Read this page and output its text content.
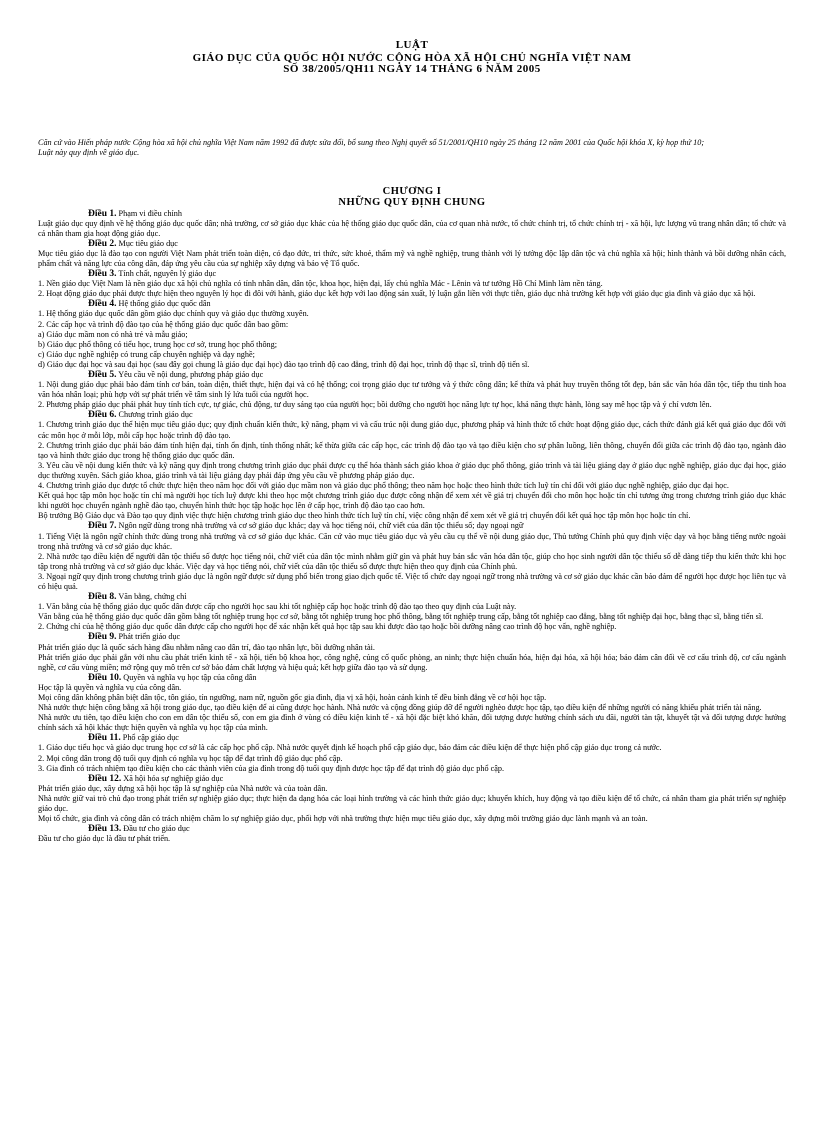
LUẬT
GIÁO DỤC CỦA QUỐC HỘI NƯỚC CỘNG HÒA XÃ HỘI CHỦ NGHĨA VIỆT NAM
SỐ 38/2005/QH11 NGÀY 14 THÁNG 6 NĂM 2005
Căn cứ vào Hiến pháp nước Cộng hòa xã hội chủ nghĩa Việt Nam năm 1992 đã được sửa đổi, bổ sung theo Nghị quyết số 51/2001/QH10 ngày 25 tháng 12 năm 2001 của Quốc hội khóa X, kỳ họp thứ 10;
Luật này quy định về giáo dục.
CHƯƠNG I
NHỮNG QUY ĐỊNH CHUNG
Điều 1. Phạm vi điều chỉnh
Luật giáo dục quy định về hệ thống giáo dục quốc dân; nhà trường, cơ sở giáo dục khác của hệ thống giáo dục quốc dân, của cơ quan nhà nước, tổ chức chính trị, tổ chức chính trị - xã hội, lực lượng vũ trang nhân dân; tổ chức và cá nhân tham gia hoạt động giáo dục.
Điều 2. Mục tiêu giáo dục
Mục tiêu giáo dục là đào tạo con người Việt Nam phát triển toàn diện, có đạo đức, tri thức, sức khoẻ, thẩm mỹ và nghề nghiệp, trung thành với lý tưởng độc lập dân tộc và chủ nghĩa xã hội; hình thành và bồi dưỡng nhân cách, phẩm chất và năng lực của công dân, đáp ứng yêu cầu của sự nghiệp xây dựng và bảo vệ Tổ quốc.
Điều 3. Tính chất, nguyên lý giáo dục
1. Nền giáo dục Việt Nam là nền giáo dục xã hội chủ nghĩa có tính nhân dân, dân tộc, khoa học, hiện đại, lấy chủ nghĩa Mác - Lênin và tư tưởng Hồ Chí Minh làm nền tảng.
2. Hoạt động giáo dục phải được thực hiện theo nguyên lý học đi đôi với hành, giáo dục kết hợp với lao động sản xuất, lý luận gắn liền với thực tiễn, giáo dục nhà trường kết hợp với giáo dục gia đình và giáo dục xã hội.
Điều 4. Hệ thống giáo dục quốc dân
1. Hệ thống giáo dục quốc dân gồm giáo dục chính quy và giáo dục thường xuyên.
2. Các cấp học và trình độ đào tạo của hệ thống giáo dục quốc dân bao gồm:
a) Giáo dục mầm non có nhà trẻ và mẫu giáo;
b) Giáo dục phổ thông có tiểu học, trung học cơ sở, trung học phổ thông;
c) Giáo dục nghề nghiệp có trung cấp chuyên nghiệp và dạy nghề;
d) Giáo dục đại học và sau đại học (sau đây gọi chung là giáo dục đại học) đào tạo trình độ cao đẳng, trình độ đại học, trình độ thạc sĩ, trình độ tiến sĩ.
Điều 5. Yêu cầu về nội dung, phương pháp giáo dục
1. Nội dung giáo dục phải bảo đảm tính cơ bản, toàn diện, thiết thực, hiện đại và có hệ thống; coi trọng giáo dục tư tưởng và ý thức công dân; kế thừa và phát huy truyền thống tốt đẹp, bản sắc văn hóa dân tộc, tiếp thu tinh hoa văn hóa nhân loại; phù hợp với sự phát triển về tâm sinh lý lứa tuổi của người học.
2. Phương pháp giáo dục phải phát huy tính tích cực, tự giác, chủ động, tư duy sáng tạo của người học; bồi dưỡng cho người học năng lực tự học, khả năng thực hành, lòng say mê học tập và ý chí vươn lên.
Điều 6. Chương trình giáo dục
1. Chương trình giáo dục thể hiện mục tiêu giáo dục; quy định chuẩn kiến thức, kỹ năng, phạm vi và cấu trúc nội dung giáo dục, phương pháp và hình thức tổ chức hoạt động giáo dục, cách thức đánh giá kết quả giáo dục đối với các môn học ở mỗi lớp, mỗi cấp học hoặc trình độ đào tạo.
2. Chương trình giáo dục phải bảo đảm tính hiện đại, tính ổn định, tính thống nhất; kế thừa giữa các cấp học, các trình độ đào tạo và tạo điều kiện cho sự phân luồng, liên thông, chuyển đổi giữa các trình độ đào tạo, ngành đào tạo và hình thức giáo dục trong hệ thống giáo dục quốc dân.
3. Yêu cầu về nội dung kiến thức và kỹ năng quy định trong chương trình giáo dục phải được cụ thể hóa thành sách giáo khoa ở giáo dục phổ thông, giáo trình và tài liệu giảng dạy ở giáo dục nghề nghiệp, giáo dục đại học, giáo dục thường xuyên. Sách giáo khoa, giáo trình và tài liệu giảng dạy phải đáp ứng yêu cầu về phương pháp giáo dục.
4. Chương trình giáo dục được tổ chức thực hiện theo năm học đối với giáo dục mầm non và giáo dục phổ thông; theo năm học hoặc theo hình thức tích luỹ tín chỉ đối với giáo dục nghề nghiệp, giáo dục đại học.
Kết quả học tập môn học hoặc tín chỉ mà người học tích luỹ được khi theo học một chương trình giáo dục được công nhận để xem xét về giá trị chuyển đổi cho môn học hoặc tín chỉ tương ứng trong chương trình giáo dục khác khi người học chuyển ngành nghề đào tạo, chuyển hình thức học tập hoặc học lên ở cấp học, trình độ đào tạo cao hơn.
Bộ trưởng Bộ Giáo dục và Đào tạo quy định việc thực hiện chương trình giáo dục theo hình thức tích luỹ tín chỉ, việc công nhận để xem xét về giá trị chuyển đổi kết quả học tập môn học hoặc tín chỉ.
Điều 7. Ngôn ngữ dùng trong nhà trường và cơ sở giáo dục khác; dạy và học tiếng nói, chữ viết của dân tộc thiểu số; dạy ngoại ngữ
1. Tiếng Việt là ngôn ngữ chính thức dùng trong nhà trường và cơ sở giáo dục khác. Căn cứ vào mục tiêu giáo dục và yêu cầu cụ thể về nội dung giáo dục, Thủ tướng Chính phủ quy định việc dạy và học bằng tiếng nước ngoài trong nhà trường và cơ sở giáo dục khác.
2. Nhà nước tạo điều kiện để người dân tộc thiểu số được học tiếng nói, chữ viết của dân tộc mình nhằm giữ gìn và phát huy bản sắc văn hóa dân tộc, giúp cho học sinh người dân tộc thiểu số dễ dàng tiếp thu kiến thức khi học tập trong nhà trường và cơ sở giáo dục khác. Việc dạy và học tiếng nói, chữ viết của dân tộc thiểu số được thực hiện theo quy định của Chính phủ.
3. Ngoại ngữ quy định trong chương trình giáo dục là ngôn ngữ được sử dụng phổ biến trong giao dịch quốc tế. Việc tổ chức dạy ngoại ngữ trong nhà trường và cơ sở giáo dục khác cần bảo đảm để người học được học liên tục và có hiệu quả.
Điều 8. Văn bằng, chứng chỉ
1. Văn bằng của hệ thống giáo dục quốc dân được cấp cho người học sau khi tốt nghiệp cấp học hoặc trình độ đào tạo theo quy định của Luật này.
Văn bằng của hệ thống giáo dục quốc dân gồm bằng tốt nghiệp trung học cơ sở, bằng tốt nghiệp trung học phổ thông, bằng tốt nghiệp trung cấp, bằng tốt nghiệp cao đẳng, bằng tốt nghiệp đại học, bằng thạc sĩ, bằng tiến sĩ.
2. Chứng chỉ của hệ thống giáo dục quốc dân được cấp cho người học để xác nhận kết quả học tập sau khi được đào tạo hoặc bồi dưỡng nâng cao trình độ học vấn, nghề nghiệp.
Điều 9. Phát triển giáo dục
Phát triển giáo dục là quốc sách hàng đầu nhằm nâng cao dân trí, đào tạo nhân lực, bồi dưỡng nhân tài.
Phát triển giáo dục phải gắn với nhu cầu phát triển kinh tế - xã hội, tiến bộ khoa học, công nghệ, củng cố quốc phòng, an ninh; thực hiện chuẩn hóa, hiện đại hóa, xã hội hóa; bảo đảm cân đối về cơ cấu trình độ, cơ cấu ngành nghề, cơ cấu vùng miền; mở rộng quy mô trên cơ sở bảo đảm chất lượng và hiệu quả; kết hợp giữa đào tạo và sử dụng.
Điều 10. Quyền và nghĩa vụ học tập của công dân
Học tập là quyền và nghĩa vụ của công dân.
Mọi công dân không phân biệt dân tộc, tôn giáo, tín ngưỡng, nam nữ, nguồn gốc gia đình, địa vị xã hội, hoàn cảnh kinh tế đều bình đẳng về cơ hội học tập.
Nhà nước thực hiện công bằng xã hội trong giáo dục, tạo điều kiện để ai cũng được học hành. Nhà nước và cộng đồng giúp đỡ để người nghèo được học tập, tạo điều kiện để những người có năng khiếu phát triển tài năng.
Nhà nước ưu tiên, tạo điều kiện cho con em dân tộc thiểu số, con em gia đình ở vùng có điều kiện kinh tế - xã hội đặc biệt khó khăn, đối tượng được hưởng chính sách ưu đãi, người tàn tật, khuyết tật và đối tượng được hưởng chính sách xã hội khác thực hiện quyền và nghĩa vụ học tập của mình.
Điều 11. Phổ cập giáo dục
1. Giáo dục tiểu học và giáo dục trung học cơ sở là các cấp học phổ cập. Nhà nước quyết định kế hoạch phổ cập giáo dục, bảo đảm các điều kiện để thực hiện phổ cập giáo dục trong cả nước.
2. Mọi công dân trong độ tuổi quy định có nghĩa vụ học tập để đạt trình độ giáo dục phổ cập.
3. Gia đình có trách nhiệm tạo điều kiện cho các thành viên của gia đình trong độ tuổi quy định được học tập để đạt trình độ giáo dục phổ cập.
Điều 12. Xã hội hóa sự nghiệp giáo dục
Phát triển giáo dục, xây dựng xã hội học tập là sự nghiệp của Nhà nước và của toàn dân.
Nhà nước giữ vai trò chủ đạo trong phát triển sự nghiệp giáo dục; thực hiện đa dạng hóa các loại hình trường và các hình thức giáo dục; khuyến khích, huy động và tạo điều kiện để tổ chức, cá nhân tham gia phát triển sự nghiệp giáo dục.
Mọi tổ chức, gia đình và công dân có trách nhiệm chăm lo sự nghiệp giáo dục, phối hợp với nhà trường thực hiện mục tiêu giáo dục, xây dựng môi trường giáo dục lành mạnh và an toàn.
Điều 13. Đầu tư cho giáo dục
Đầu tư cho giáo dục là đầu tư phát triển.
